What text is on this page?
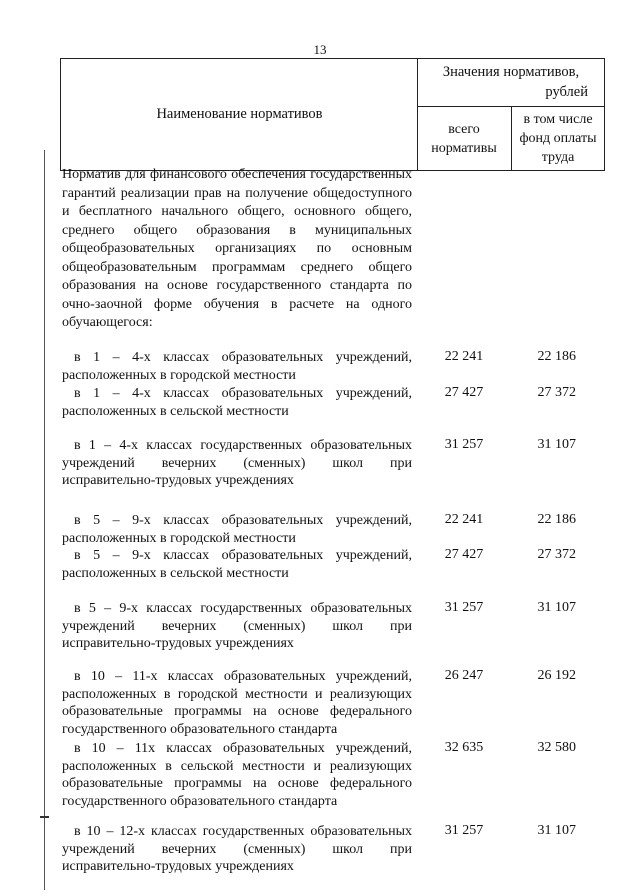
13
Наименование нормативов
Значения нормативов,
рублей
всего
нормативы
в том числе
фонд оплаты
труда
Норматив для финансового обеспечения государственных гарантий реализации прав на получение общедоступного и бесплатного начального общего, основного общего, среднего общего образования в муниципальных общеобразовательных организациях по основным общеобразовательным программам среднего общего образования на основе государственного стандарта по очно-заочной форме обучения в расчете на одного обучающегося:
в 1 – 4-х классах образовательных учреждений, расположенных в городской местности
22 241	22 186
в 1 – 4-х классах образовательных учреждений, расположенных в сельской местности
27 427	27 372
в 1 – 4-х классах государственных образовательных учреждений вечерних (сменных) школ при исправительно-трудовых учреждениях
31 257	31 107
в 5 – 9-х классах образовательных учреждений, расположенных в городской местности
22 241	22 186
в 5 – 9-х классах образовательных учреждений, расположенных в сельской местности
27 427	27 372
в 5 – 9-х классах государственных образовательных учреждений вечерних (сменных) школ при исправительно-трудовых учреждениях
31 257	31 107
в 10 – 11-х классах образовательных учреждений, расположенных в городской местности и реализующих образовательные программы на основе федерального государственного образовательного стандарта
26 247	26 192
в 10 – 11х классах образовательных учреждений, расположенных в сельской местности и реализующих образовательные программы на основе федерального государственного образовательного стандарта
32 635	32 580
в 10 – 12-х классах государственных образовательных учреждений вечерних (сменных) школ при исправительно-трудовых учреждениях
31 257	31 107
